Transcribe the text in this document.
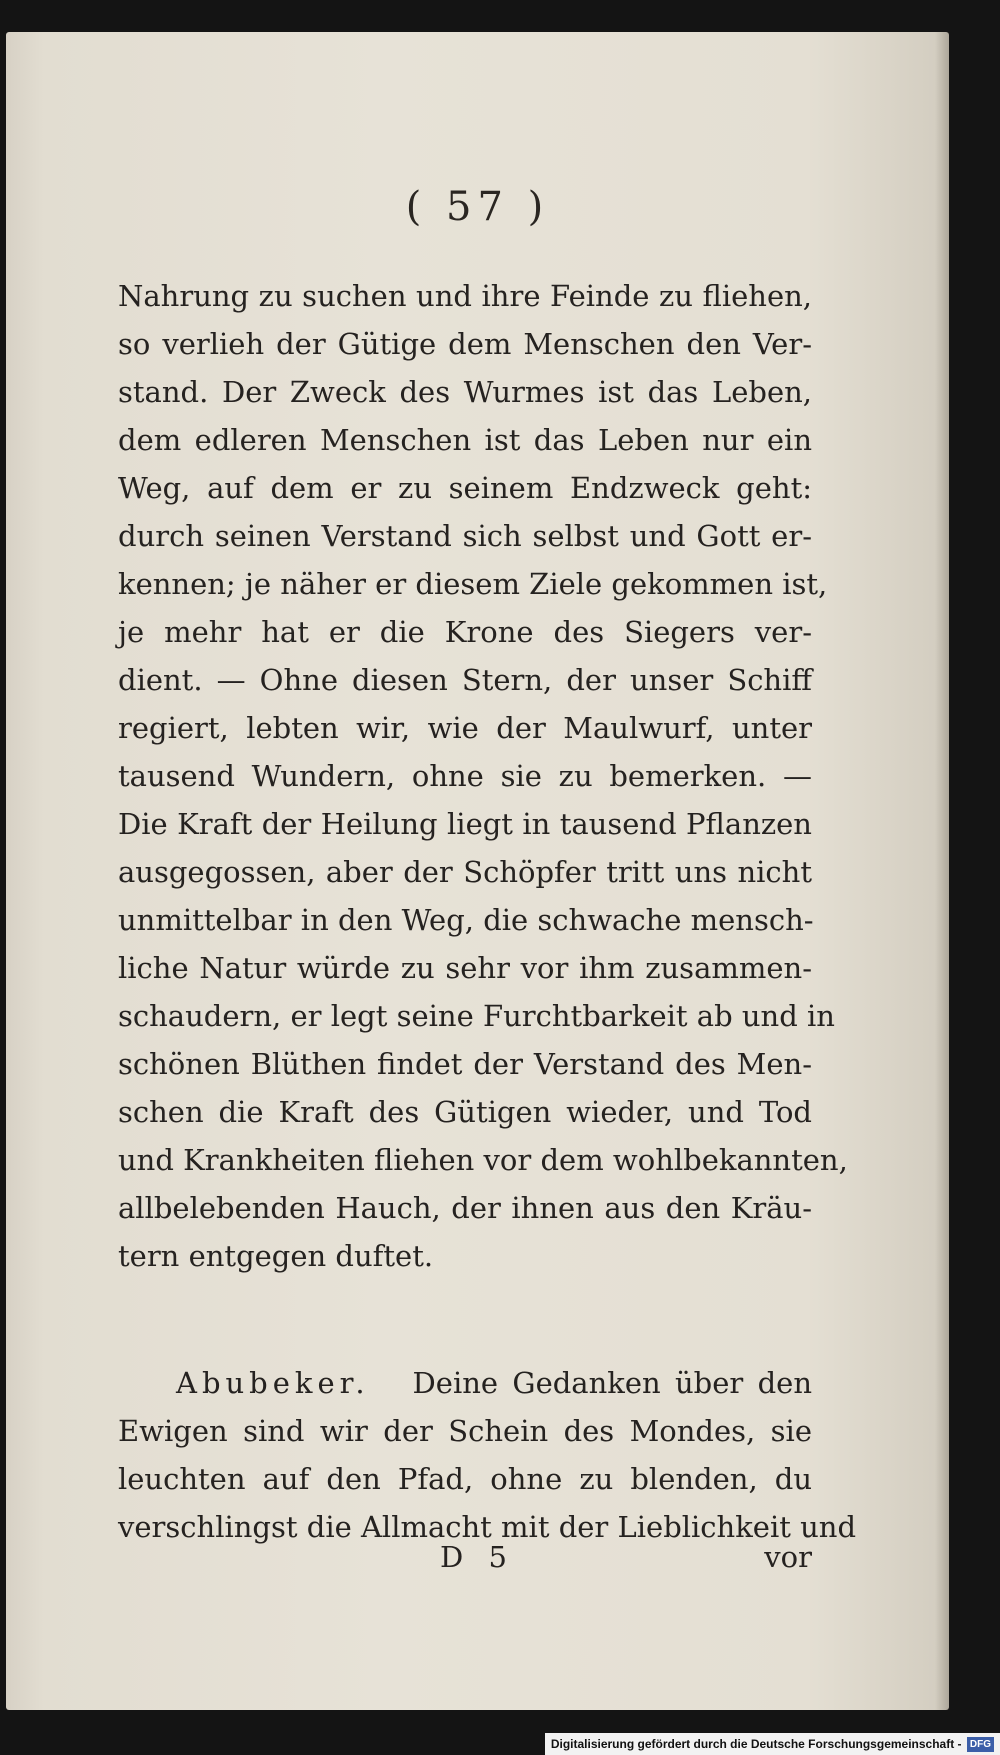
( 57 )
Nahrung zu suchen und ihre Feinde zu fliehen,
so verlieh der Gütige dem Menschen den Ver-
stand. Der Zweck des Wurmes ist das Leben,
dem edleren Menschen ist das Leben nur ein
Weg, auf dem er zu seinem Endzweck geht:
durch seinen Verstand sich selbst und Gott er-
kennen; je näher er diesem Ziele gekommen ist,
je mehr hat er die Krone des Siegers ver-
dient. — Ohne diesen Stern, der unser Schiff
regiert, lebten wir, wie der Maulwurf, unter
tausend Wundern, ohne sie zu bemerken. —
Die Kraft der Heilung liegt in tausend Pflanzen
ausgegossen, aber der Schöpfer tritt uns nicht
unmittelbar in den Weg, die schwache mensch-
liche Natur würde zu sehr vor ihm zusammen-
schaudern, er legt seine Furchtbarkeit ab und in
schönen Blüthen findet der Verstand des Men-
schen die Kraft des Gütigen wieder, und Tod
und Krankheiten fliehen vor dem wohlbekannten,
allbelebenden Hauch, der ihnen aus den Kräu-
tern entgegen duftet.
Abubeker. Deine Gedanken über den
Ewigen sind wir der Schein des Mondes, sie
leuchten auf den Pfad, ohne zu blenden, du
verschlingst die Allmacht mit der Lieblichkeit und
D 5	vor
Digitalisierung gefördert durch die Deutsche Forschungsgemeinschaft - DFG
